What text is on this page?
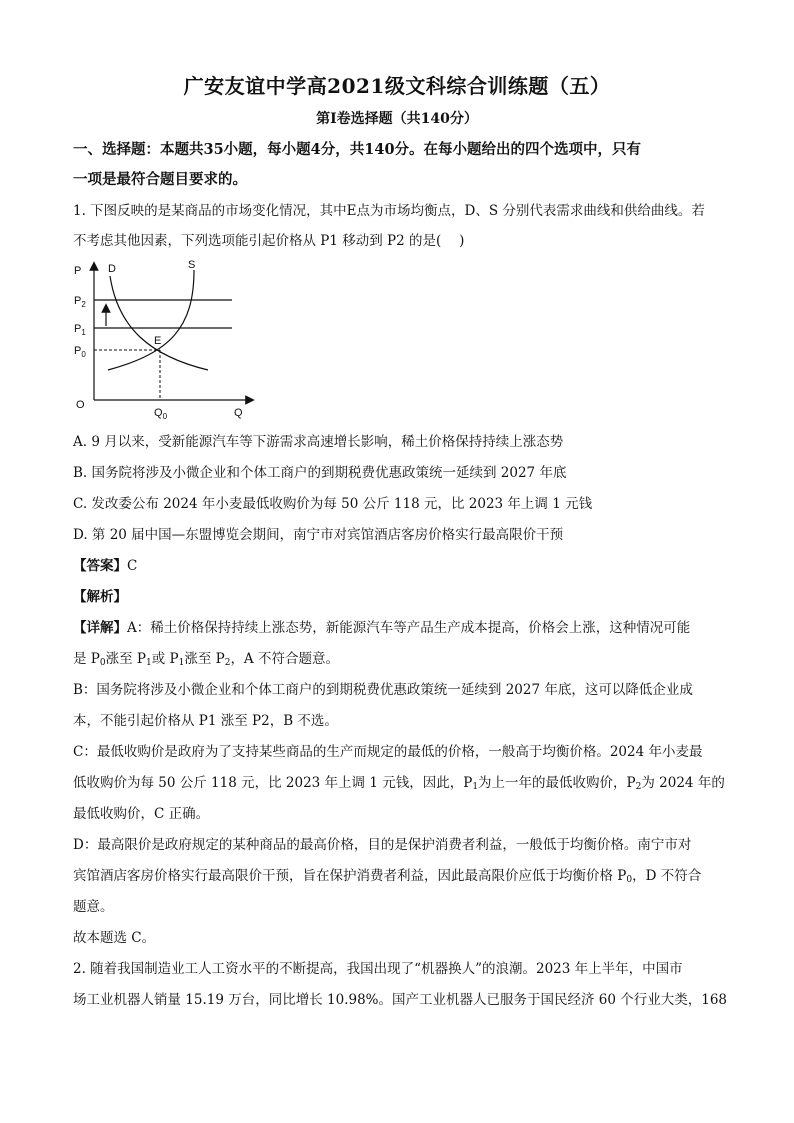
广安友谊中学高2021级文科综合训练题（五）
第Ⅰ卷选择题（共140分）
一、选择题：本题共35小题，每小题4分，共140分。在每小题给出的四个选项中，只有
一项是最符合题目要求的。
1. 下图反映的是某商品的市场变化情况，其中E点为市场均衡点，D、S 分别代表需求曲线和供给曲线。若
不考虑其他因素，下列选项能引起价格从 P1 移动到 P2 的是(　 )
P D	S
$P_2$
$P_1$
$P_0$
E
O
$Q_0$	Q
A. 9 月以来，受新能源汽车等下游需求高速增长影响，稀土价格保持持续上涨态势
B. 国务院将涉及小微企业和个体工商户的到期税费优惠政策统一延续到 2027 年底
C. 发改委公布 2024 年小麦最低收购价为每 50 公斤 118 元，比 2023 年上调 1 元钱
D. 第 20 届中国—东盟博览会期间，南宁市对宾馆酒店客房价格实行最高限价干预
【答案】C
【解析】
【详解】A：稀土价格保持持续上涨态势，新能源汽车等产品生产成本提高，价格会上涨，这种情况可能
是 $P_0$涨至 $P_1$或 $P_1$涨至 $P_2$，A 不符合题意。
B：国务院将涉及小微企业和个体工商户的到期税费优惠政策统一延续到 2027 年底，这可以降低企业成
本，不能引起价格从 P1 涨至 P2，B 不选。
C：最低收购价是政府为了支持某些商品的生产而规定的最低的价格，一般高于均衡价格。2024 年小麦最
低收购价为每 50 公斤 118 元，比 2023 年上调 1 元钱，因此，$P_1$为上一年的最低收购价，$P_2$为 2024 年的
最低收购价，C 正确。
D：最高限价是政府规定的某种商品的最高价格，目的是保护消费者利益，一般低于均衡价格。南宁市对
宾馆酒店客房价格实行最高限价干预，旨在保护消费者利益，因此最高限价应低于均衡价格 $P_0$，D 不符合
题意。
故本题选 C。
2. 随着我国制造业工人工资水平的不断提高，我国出现了“机器换人”的浪潮。2023 年上半年，中国市
场工业机器人销量 15.19 万台，同比增长 10.98%。国产工业机器人已服务于国民经济 60 个行业大类，168
